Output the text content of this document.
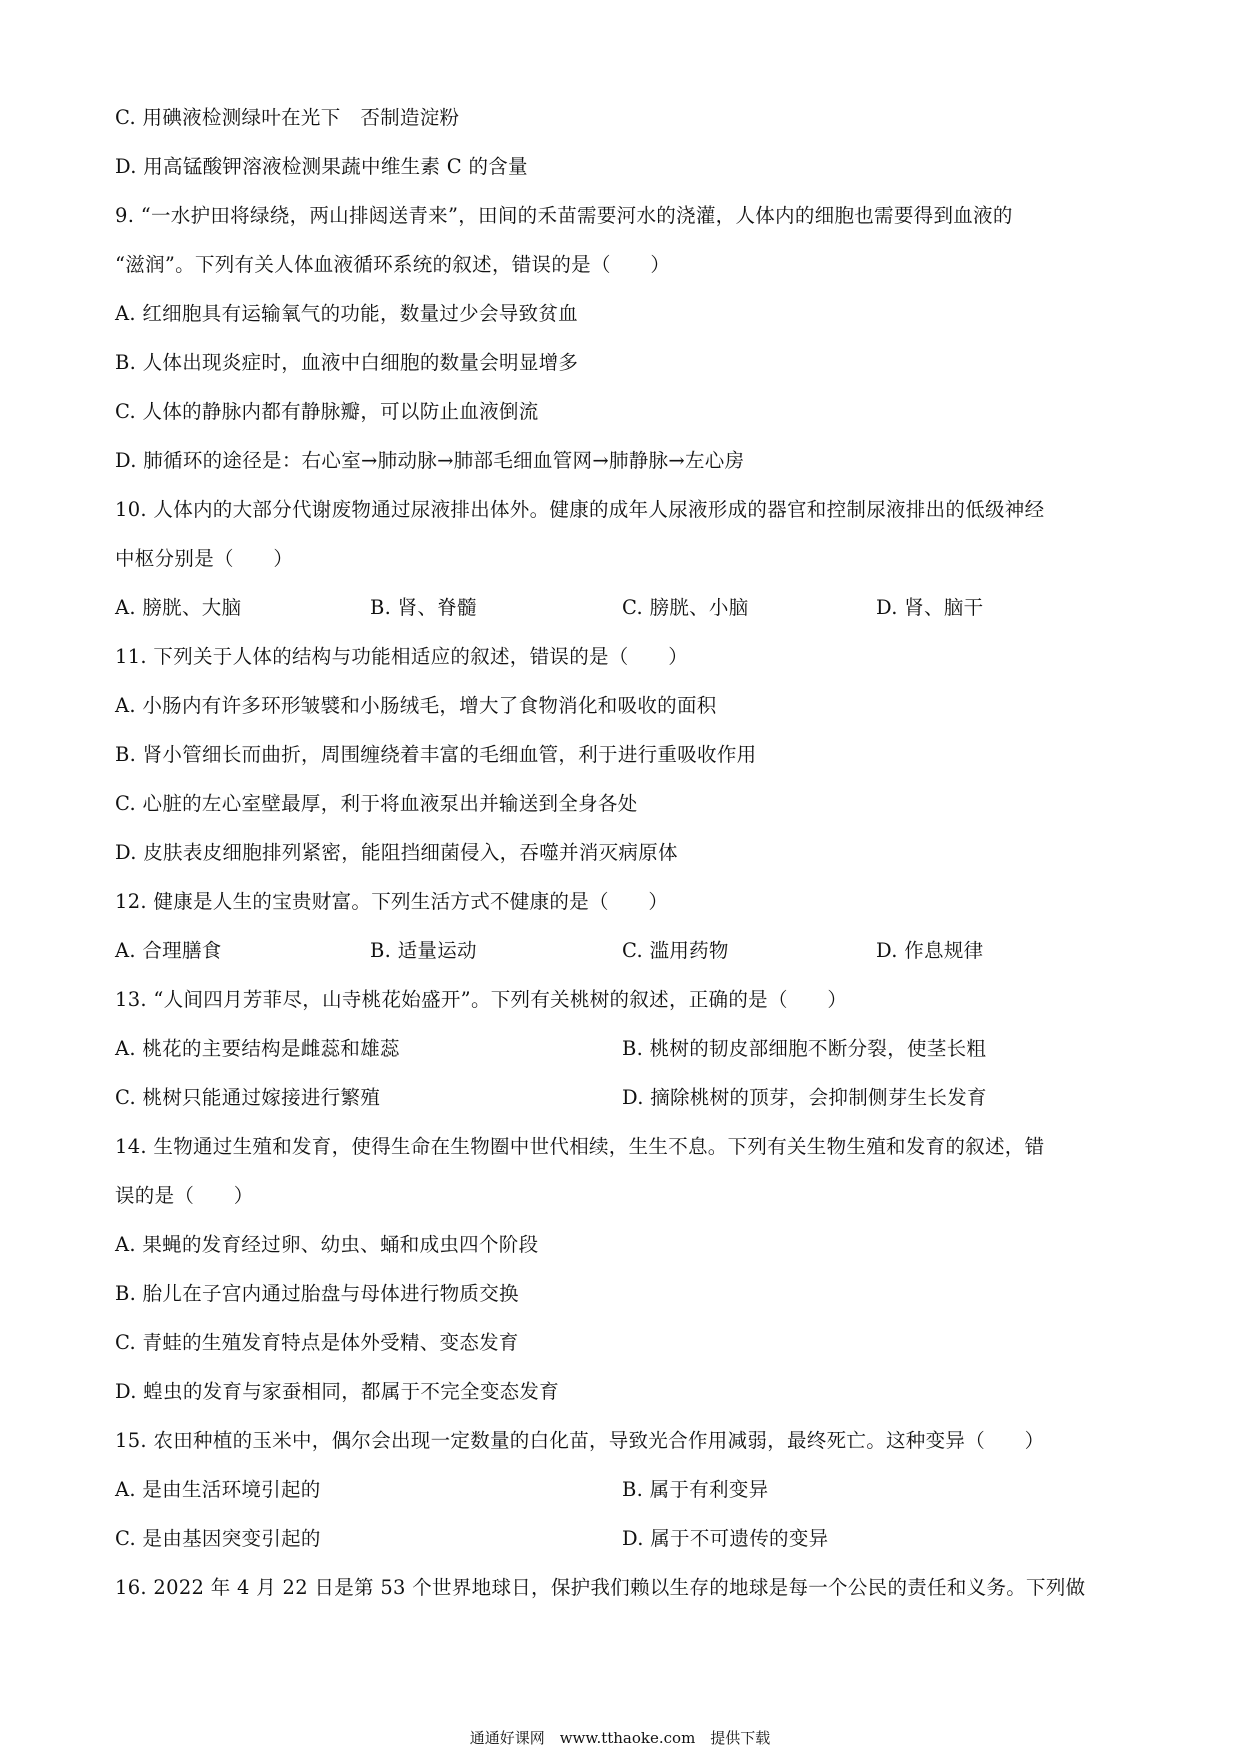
C. 用碘液检测绿叶在光下　否制造淀粉
D. 用高锰酸钾溶液检测果蔬中维生素 C 的含量
9. “一水护田将绿绕，两山排闼送青来”，田间的禾苗需要河水的浇灌，人体内的细胞也需要得到血液的
“滋润”。下列有关人体血液循环系统的叙述，错误的是（　　）
A. 红细胞具有运输氧气的功能，数量过少会导致贫血
B. 人体出现炎症时，血液中白细胞的数量会明显增多
C. 人体的静脉内都有静脉瓣，可以防止血液倒流
D. 肺循环的途径是：右心室→肺动脉→肺部毛细血管网→肺静脉→左心房
10. 人体内的大部分代谢废物通过尿液排出体外。健康的成年人尿液形成的器官和控制尿液排出的低级神经
中枢分别是（　　）
A. 膀胱、大脑	B. 肾、脊髓	C. 膀胱、小脑	D. 肾、脑干
11. 下列关于人体的结构与功能相适应的叙述，错误的是（　　）
A. 小肠内有许多环形皱襞和小肠绒毛，增大了食物消化和吸收的面积
B. 肾小管细长而曲折，周围缠绕着丰富的毛细血管，利于进行重吸收作用
C. 心脏的左心室壁最厚，利于将血液泵出并输送到全身各处
D. 皮肤表皮细胞排列紧密，能阻挡细菌侵入，吞噬并消灭病原体
12. 健康是人生的宝贵财富。下列生活方式不健康的是（　　）
A. 合理膳食	B. 适量运动	C. 滥用药物	D. 作息规律
13. “人间四月芳菲尽，山寺桃花始盛开”。下列有关桃树的叙述，正确的是（　　）
A. 桃花的主要结构是雌蕊和雄蕊	B. 桃树的韧皮部细胞不断分裂，使茎长粗
C. 桃树只能通过嫁接进行繁殖	D. 摘除桃树的顶芽，会抑制侧芽生长发育
14. 生物通过生殖和发育，使得生命在生物圈中世代相续，生生不息。下列有关生物生殖和发育的叙述，错
误的是（　　）
A. 果蝇的发育经过卵、幼虫、蛹和成虫四个阶段
B. 胎儿在子宫内通过胎盘与母体进行物质交换
C. 青蛙的生殖发育特点是体外受精、变态发育
D. 蝗虫的发育与家蚕相同，都属于不完全变态发育
15. 农田种植的玉米中，偶尔会出现一定数量的白化苗，导致光合作用减弱，最终死亡。这种变异（　　）
A. 是由生活环境引起的	B. 属于有利变异
C. 是由基因突变引起的	D. 属于不可遗传的变异
16. 2022 年 4 月 22 日是第 53 个世界地球日，保护我们赖以生存的地球是每一个公民的责任和义务。下列做
通通好课网　www.tthaoke.com　提供下载
